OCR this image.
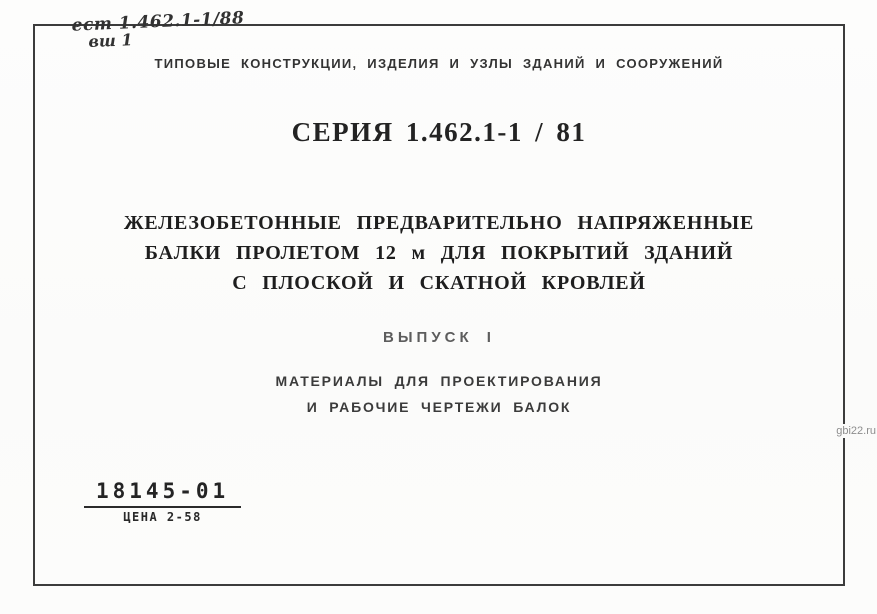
ест 1.462.1-1/88
вш 1
ТИПОВЫЕ КОНСТРУКЦИИ, ИЗДЕЛИЯ И УЗЛЫ ЗДАНИЙ И СООРУЖЕНИЙ
СЕРИЯ 1.462.1-1 / 81
ЖЕЛЕЗОБЕТОННЫЕ ПРЕДВАРИТЕЛЬНО НАПРЯЖЕННЫЕ
БАЛКИ ПРОЛЕТОМ 12 м ДЛЯ ПОКРЫТИЙ ЗДАНИЙ
С ПЛОСКОЙ И СКАТНОЙ КРОВЛЕЙ
ВЫПУСК I
МАТЕРИАЛЫ ДЛЯ ПРОЕКТИРОВАНИЯ
И РАБОЧИЕ ЧЕРТЕЖИ БАЛОК
18145-01
ЦЕНА 2-58
gbi22.ru
